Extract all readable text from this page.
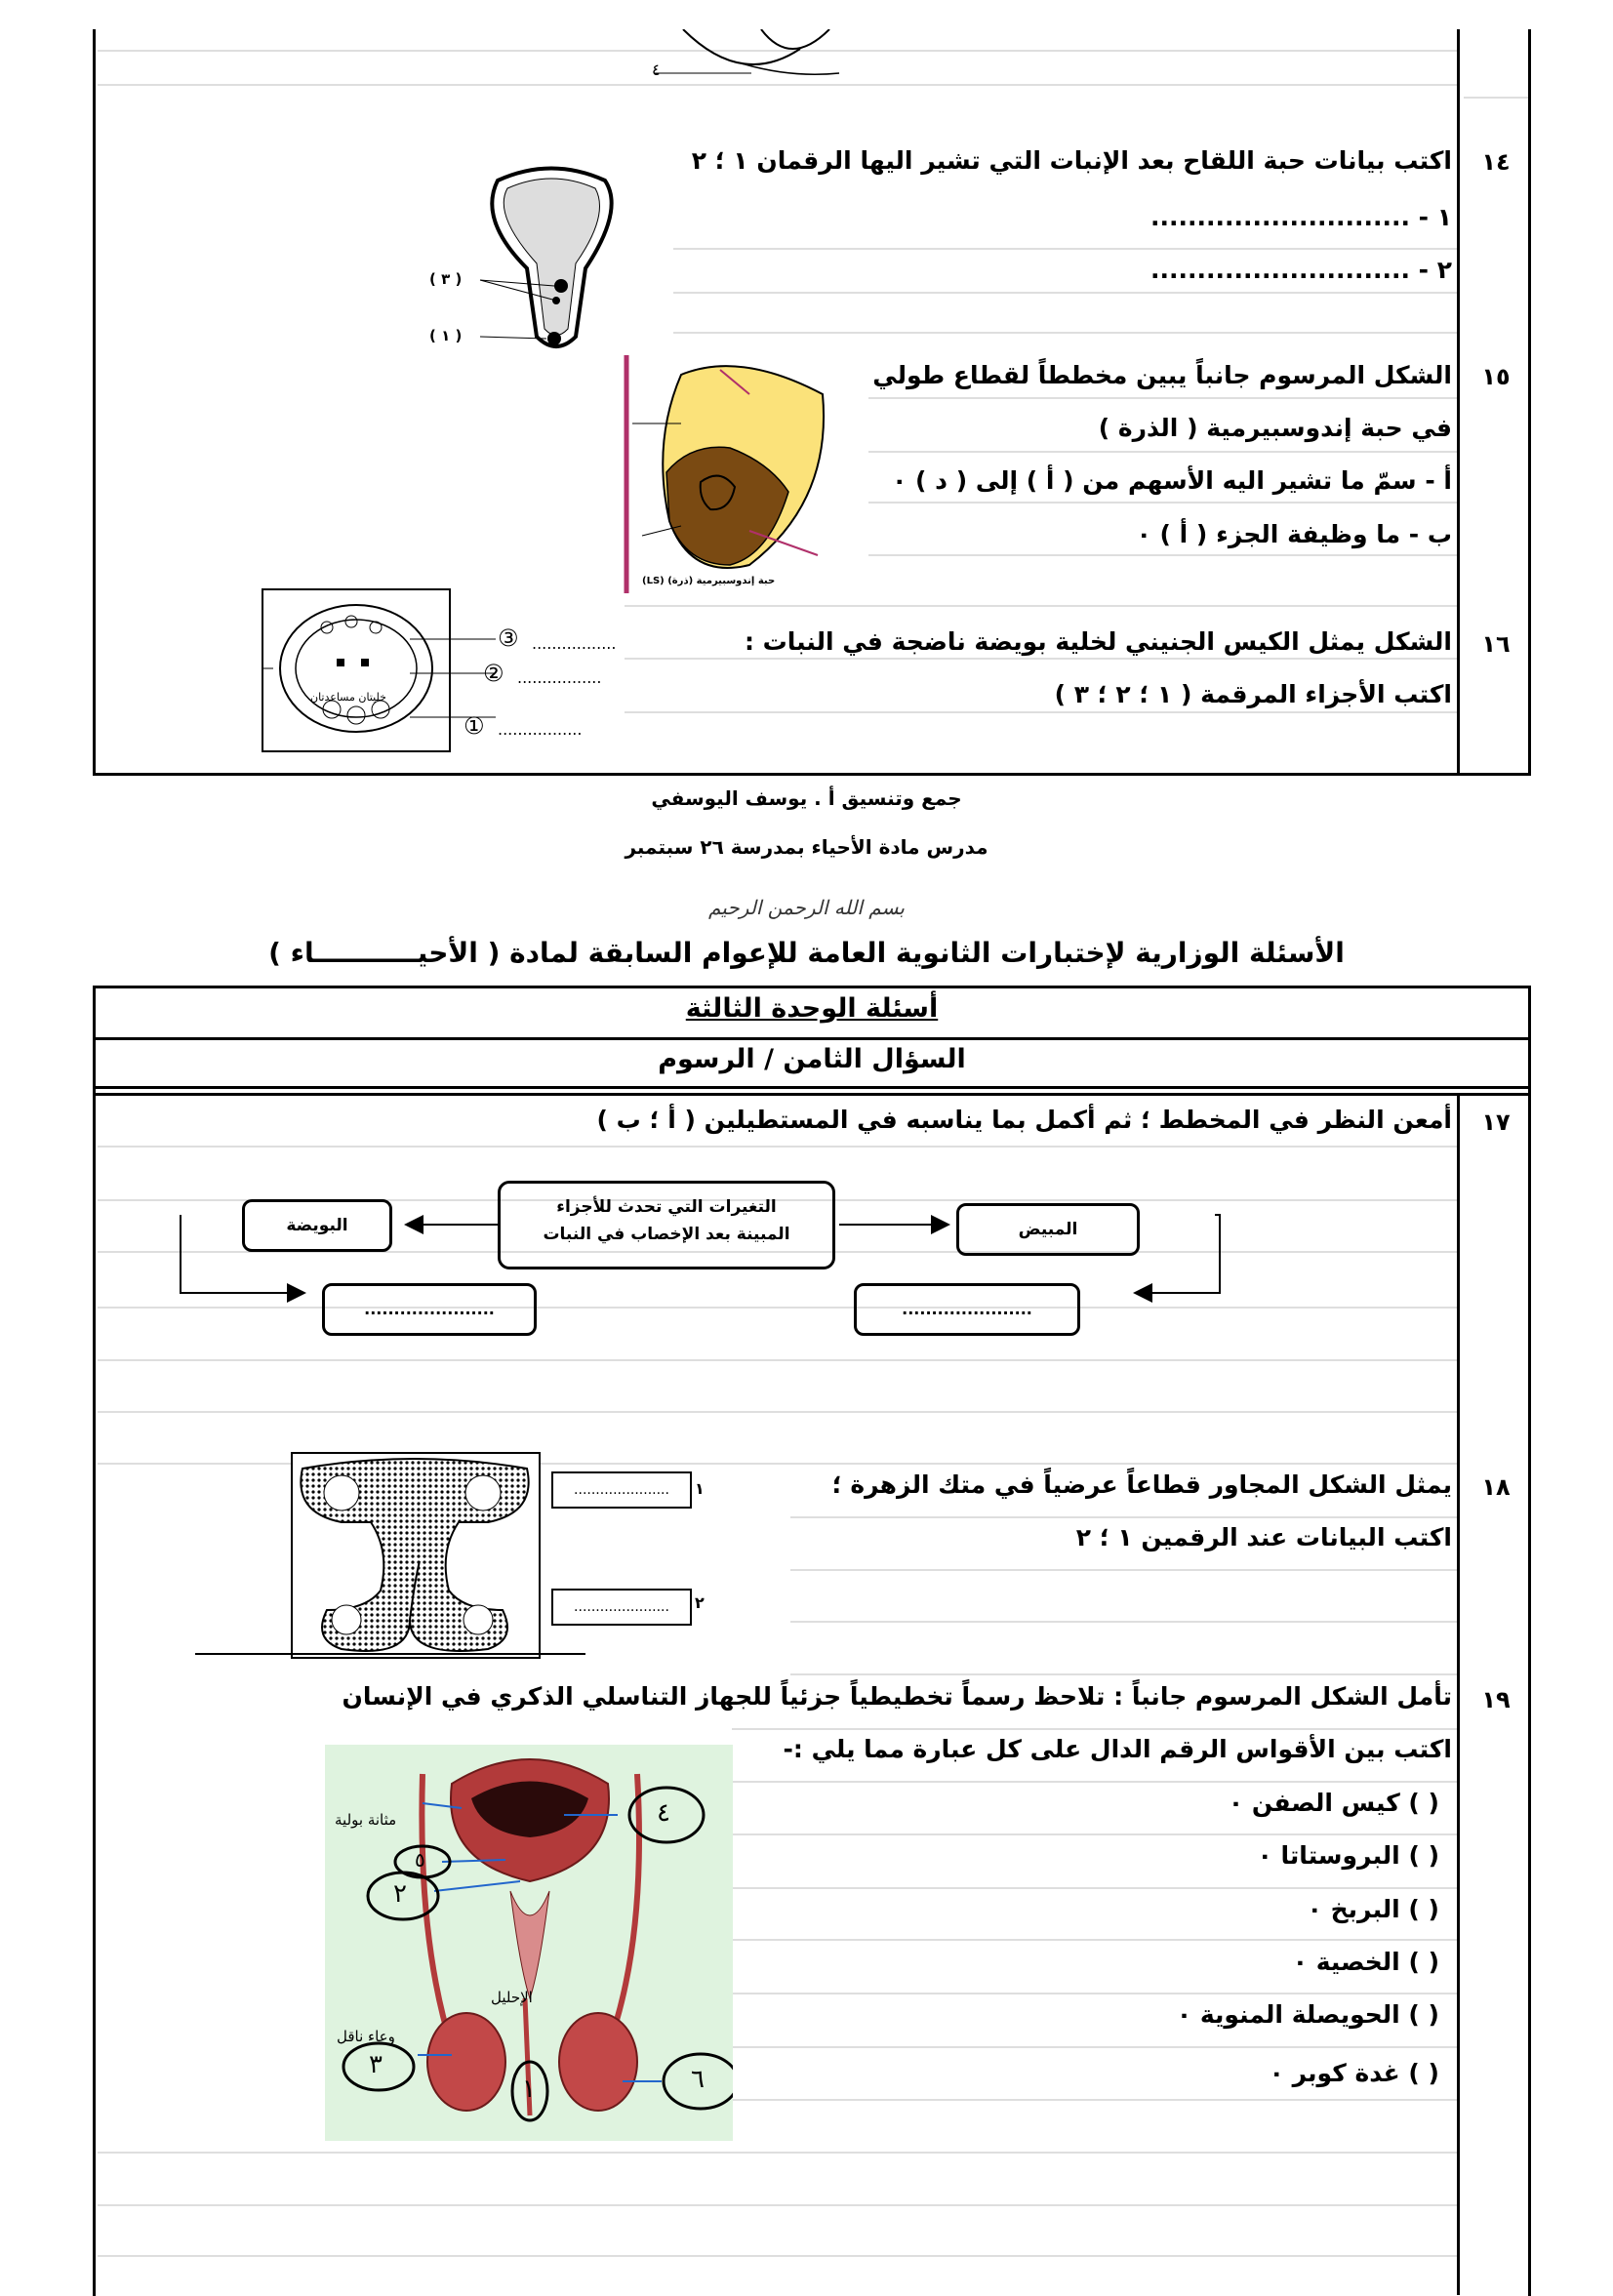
٤
١٤
اكتب بيانات حبة اللقاح بعد الإنبات التي تشير اليها الرقمان ١ ؛ ٢
١ - ............................
٢ - ............................
( ٣ )
( ١ )
١٥
الشكل المرسوم جانباً يبين مخططاً لقطاع طولي
في حبة إندوسبيرمية ( الذرة )
أ - سمّ ما تشير اليه الأسهم من ( أ ) إلى ( د ) ٠
ب - ما وظيفة الجزء ( أ ) ٠
حبة إندوسبيرمية (ذرة) (LS)
١٦
الشكل يمثل الكيس الجنيني لخلية بويضة ناضجة في النبات :
اكتب الأجزاء المرقمة ( ١ ؛ ٢ ؛ ٣ )
خليتان مساعدتان
③
②
①
.................
.................
.................
جمع وتنسيق أ . يوسف اليوسفي
مدرس مادة الأحياء بمدرسة ٢٦ سبتمبر
بسم الله الرحمن الرحيم
الأسئلة الوزارية لإختبارات الثانوية العامة للإعوام السابقة لمادة ( الأحيـــــــــــاء )
أسئلة الوحدة الثالثة
السؤال الثامن / الرسوم
١٧
أمعن النظر في المخطط ؛ ثم أكمل بما يناسبه في المستطيلين ( أ ؛ ب )
البويضة
التغيرات التي تحدث للأجزاء
المبينة بعد الإخصاب في النبات	المبيض
......................	......................
١٨
يمثل الشكل المجاور قطاعاً عرضياً في متك الزهرة ؛
اكتب البيانات عند الرقمين ١ ؛ ٢
......................
......................
١
٢
١٩
تأمل الشكل المرسوم جانباً : تلاحظ رسماً تخطيطياً جزئياً للجهاز التناسلي الذكري في الإنسان
اكتب بين الأقواس الرقم الدال على كل عبارة مما يلي :-
( ) كيس الصفن ٠
( ) البروستاتا ٠
( ) البربخ ٠
( ) الخصية ٠
( ) الحويصلة المنوية ٠
( ) غدة كوبر ٠
مثانة بولية
الإحليل
وعاء ناقل
٤
٥
٢
٣
١	٦
